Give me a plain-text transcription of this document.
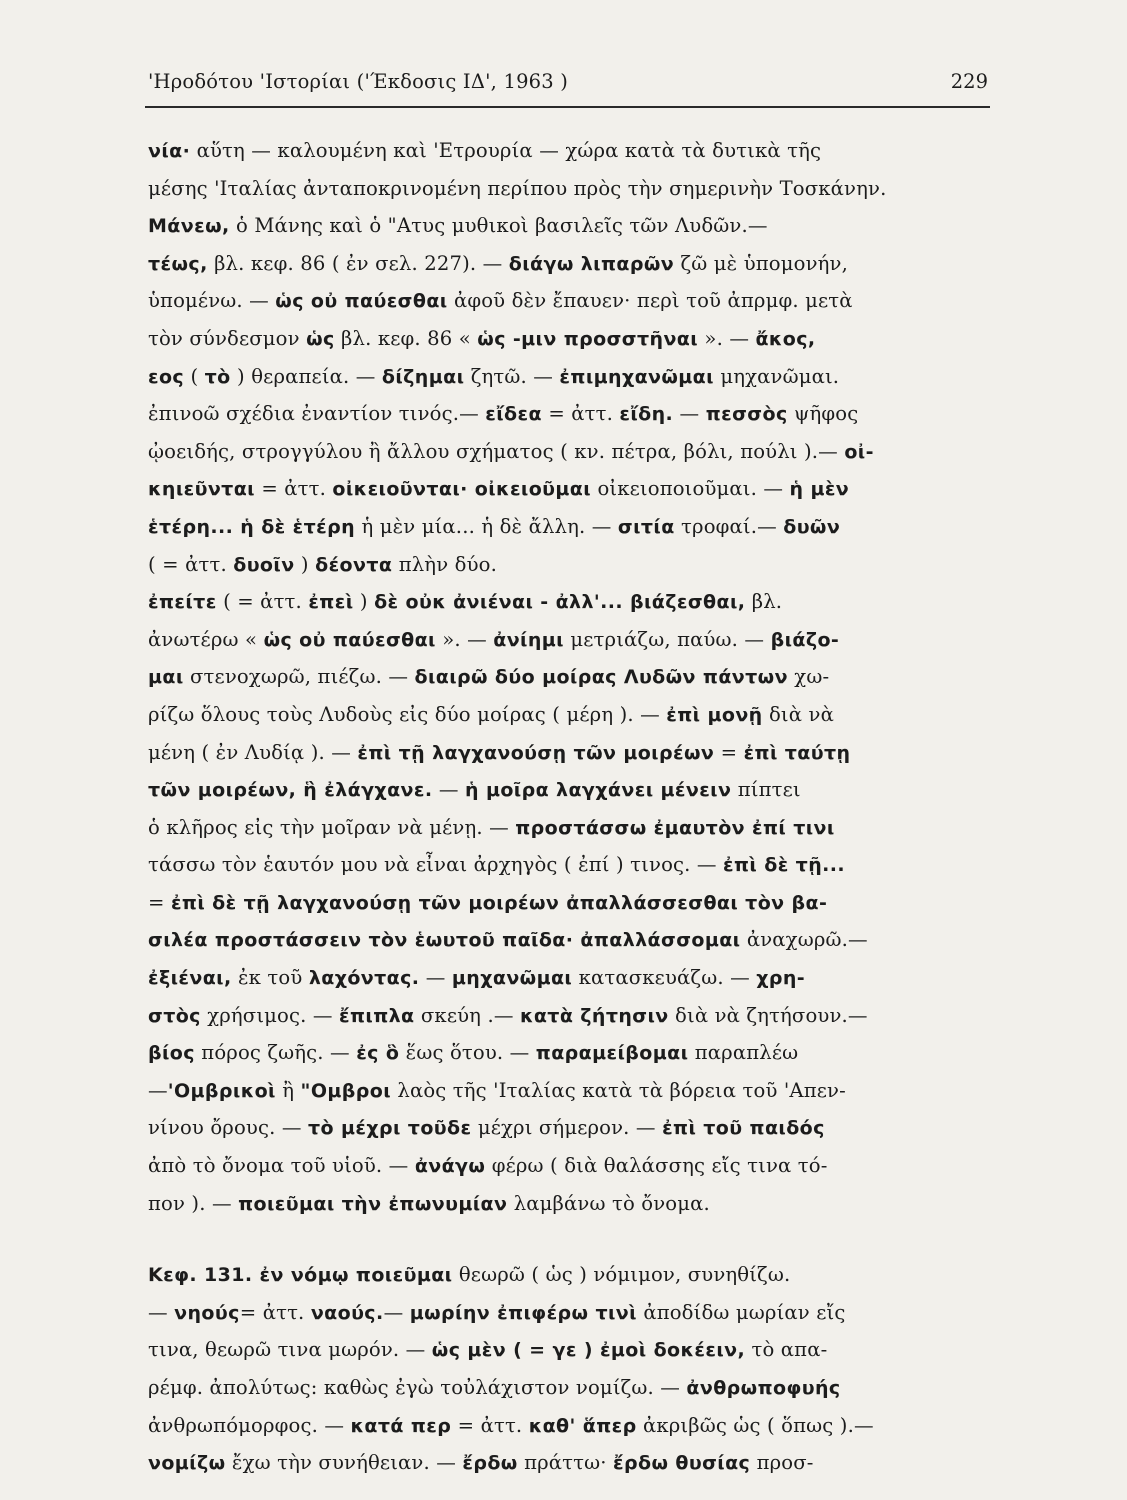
'Ηροδότου 'Ιστορίαι ('Έκδοσις ΙΔ', 1963 )	229
νία· αὕτη — καλουμένη καὶ 'Ετρουρία — χώρα κατὰ τὰ δυτικὰ τῆς
μέσης 'Ιταλίας ἀνταποκρινομένη περίπου πρὸς τὴν σημερινὴν Τοσκάνην.
Μάνεω, ὁ Μάνης καὶ ὁ "Ατυς μυθικοὶ βασιλεῖς τῶν Λυδῶν.—
τέως, βλ. κεφ. 86 ( ἐν σελ. 227). — διάγω λιπαρῶν ζῶ μὲ ὑπομονήν,
ὑπομένω. — ὡς οὐ παύεσθαι ἀφοῦ δὲν ἔπαυεν· περὶ τοῦ ἀπρμφ. μετὰ
τὸν σύνδεσμον ὡς βλ. κεφ. 86 « ὡς -μιν προσστῆναι ». — ἄκος,
εος ( τὸ ) θεραπεία. — δίζημαι ζητῶ. — ἐπιμηχανῶμαι μηχανῶμαι.
ἐπινοῶ σχέδια ἐναντίον τινός.— εἴδεα = ἀττ. εἴδη. — πεσσὸς ψῆφος
ᾠοειδής, στρογγύλου ἢ ἄλλου σχήματος ( κν. πέτρα, βόλι, πούλι ).— οἰ-
κηιεῦνται = ἀττ. οἰκειοῦνται· οἰκειοῦμαι οἰκειοποιοῦμαι. — ἡ μὲν
ἑτέρη... ἡ δὲ ἑτέρη ἡ μὲν μία... ἡ δὲ ἄλλη. — σιτία τροφαί.— δυῶν
( = ἀττ. δυοῖν ) δέοντα πλὴν δύο.
ἐπείτε ( = ἀττ. ἐπεὶ ) δὲ οὐκ ἀνιέναι - ἀλλ'... βιάζεσθαι, βλ.
ἀνωτέρω « ὡς οὐ παύεσθαι ». — ἀνίημι μετριάζω, παύω. — βιάζο-
μαι στενοχωρῶ, πιέζω. — διαιρῶ δύο μοίρας Λυδῶν πάντων χω-
ρίζω ὅλους τοὺς Λυδοὺς εἰς δύο μοίρας ( μέρη ). — ἐπὶ μονῇ διὰ νὰ
μένη ( ἐν Λυδίᾳ ). — ἐπὶ τῇ λαγχανούσῃ τῶν μοιρέων = ἐπὶ ταύτῃ
τῶν μοιρέων, ἣ ἐλάγχανε. — ἡ μοῖρα λαγχάνει μένειν πίπτει
ὁ κλῆρος εἰς τὴν μοῖραν νὰ μένῃ. — προστάσσω ἐμαυτὸν ἐπί τινι
τάσσω τὸν ἑαυτόν μου νὰ εἶναι ἀρχηγὸς ( ἐπί ) τινος. — ἐπὶ δὲ τῇ...
= ἐπὶ δὲ τῇ λαγχανούσῃ τῶν μοιρέων ἀπαλλάσσεσθαι τὸν βα-
σιλέα προστάσσειν τὸν ἑωυτοῦ παῖδα· ἀπαλλάσσομαι ἀναχωρῶ.—
ἐξιέναι, ἐκ τοῦ λαχόντας. — μηχανῶμαι κατασκευάζω. — χρη-
στὸς χρήσιμος. — ἔπιπλα σκεύη .— κατὰ ζήτησιν διὰ νὰ ζητήσουν.—
βίος πόρος ζωῆς. — ἐς ὃ ἕως ὅτου. — παραμείβομαι παραπλέω
—'Ομβρικοὶ ἢ "Ομβροι λαὸς τῆς 'Ιταλίας κατὰ τὰ βόρεια τοῦ 'Απεν-
νίνου ὄρους. — τὸ μέχρι τοῦδε μέχρι σήμερον. — ἐπὶ τοῦ παιδός
ἀπὸ τὸ ὄνομα τοῦ υἱοῦ. — ἀνάγω φέρω ( διὰ θαλάσσης εἴς τινα τό-
πον ). — ποιεῦμαι τὴν ἐπωνυμίαν λαμβάνω τὸ ὄνομα.
Κεφ. 131. ἐν νόμῳ ποιεῦμαι θεωρῶ ( ὡς ) νόμιμον, συνηθίζω.
— νηούς= ἀττ. ναούς.— μωρίην ἐπιφέρω τινὶ ἀποδίδω μωρίαν εἴς
τινα, θεωρῶ τινα μωρόν. — ὡς μὲν ( = γε ) ἐμοὶ δοκέειν, τὸ απα-
ρέμφ. ἀπολύτως: καθὼς ἐγὼ τοὐλάχιστον νομίζω. — ἀνθρωποφυής
ἀνθρωπόμορφος. — κατά περ = ἀττ. καθ' ἅπερ ἀκριβῶς ὡς ( ὅπως ).—
νομίζω ἔχω τὴν συνήθειαν. — ἔρδω πράττω· ἔρδω θυσίας προσ-
